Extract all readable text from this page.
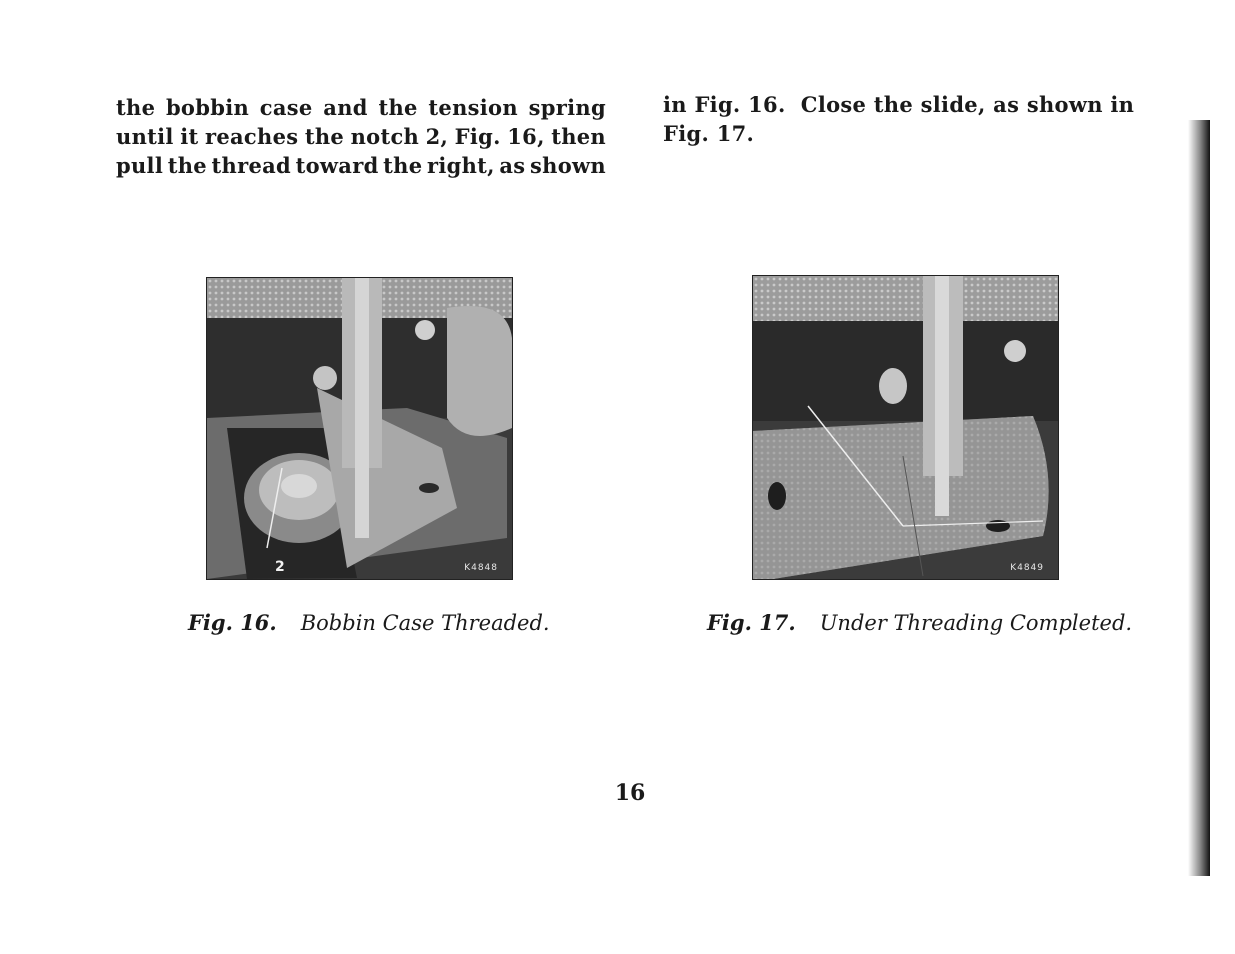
the bobbin case and the tension spring
until it reaches the notch 2, Fig. 16, then
pull the thread toward the right, as shown
in Fig. 16.  Close the slide, as shown in
Fig. 17.
2	K4848	K4849
Fig. 16. Bobbin Case Threaded.	Fig. 17. Under Threading Completed.
16
